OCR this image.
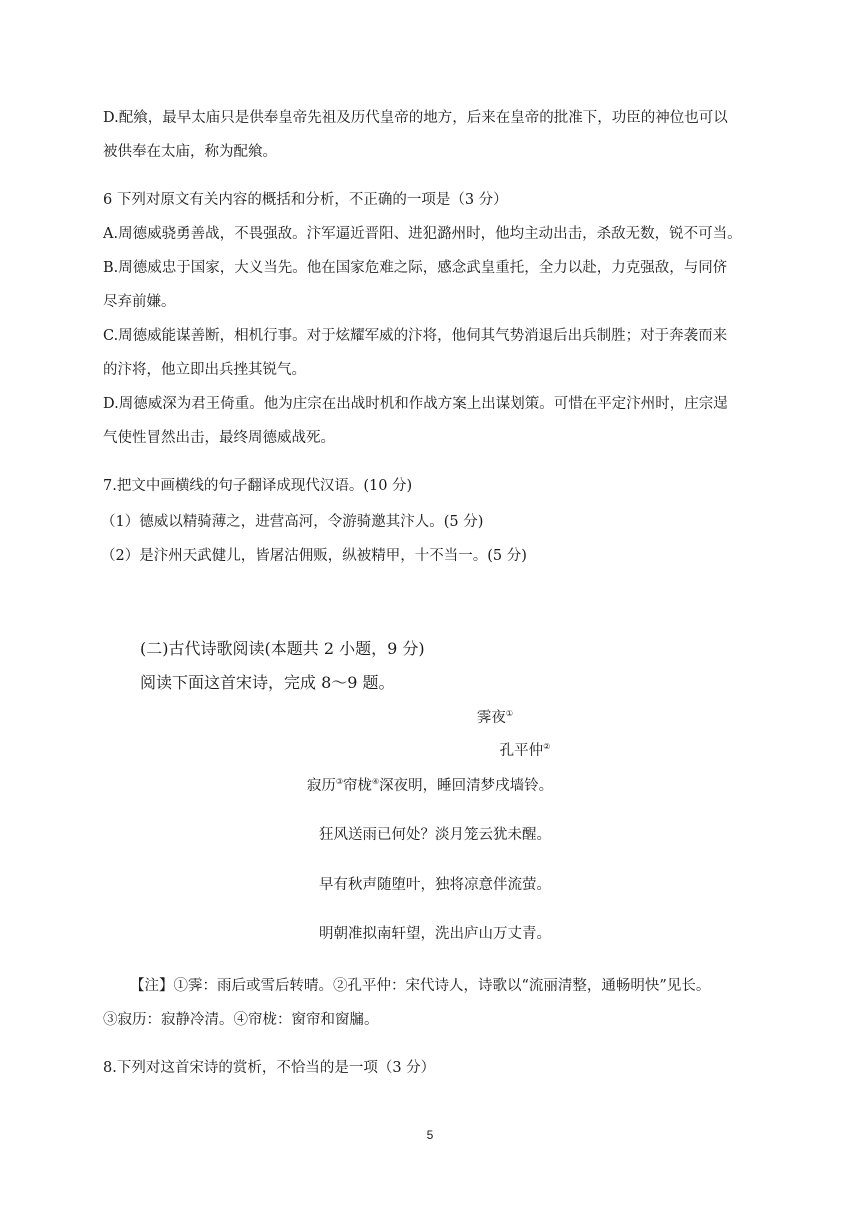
D.配飨，最早太庙只是供奉皇帝先祖及历代皇帝的地方，后来在皇帝的批准下，功臣的神位也可以
被供奉在太庙，称为配飨。
6 下列对原文有关内容的概括和分析，不正确的一项是（3 分）
A.周德威骁勇善战，不畏强敌。汴军逼近晋阳、进犯潞州时，他均主动出击，杀敌无数，锐不可当。
B.周德威忠于国家，大义当先。他在国家危难之际，感念武皇重托，全力以赴，力克强敌，与同侪
尽弃前嫌。
C.周德威能谋善断，相机行事。对于炫耀军威的汴将，他伺其气势消退后出兵制胜；对于奔袭而来
的汴将，他立即出兵挫其锐气。
D.周德威深为君王倚重。他为庄宗在出战时机和作战方案上出谋划策。可惜在平定汴州时，庄宗逞
气使性冒然出击，最终周德威战死。
7.把文中画横线的句子翻译成现代汉语。(10 分)
（1）德威以精骑薄之，进营高河，令游骑邀其汴人。(5 分)
（2）是汴州天武健儿，皆屠沽佣贩，纵被精甲，十不当一。(5 分)
(二)古代诗歌阅读(本题共 2 小题，9 分)
阅读下面这首宋诗，完成 8～9 题。
霁夜①
孔平仲②
寂历③帘栊④深夜明，睡回清梦戌墙铃。
狂风送雨已何处？淡月笼云犹未醒。
早有秋声随堕叶，独将凉意伴流萤。
明朝准拟南轩望，洗出庐山万丈青。
【注】①霁：雨后或雪后转晴。②孔平仲：宋代诗人，诗歌以“流丽清整，通畅明快”见长。
③寂历：寂静冷清。④帘栊：窗帘和窗牖。
8.下列对这首宋诗的赏析，不恰当的是一项（3 分）
5
